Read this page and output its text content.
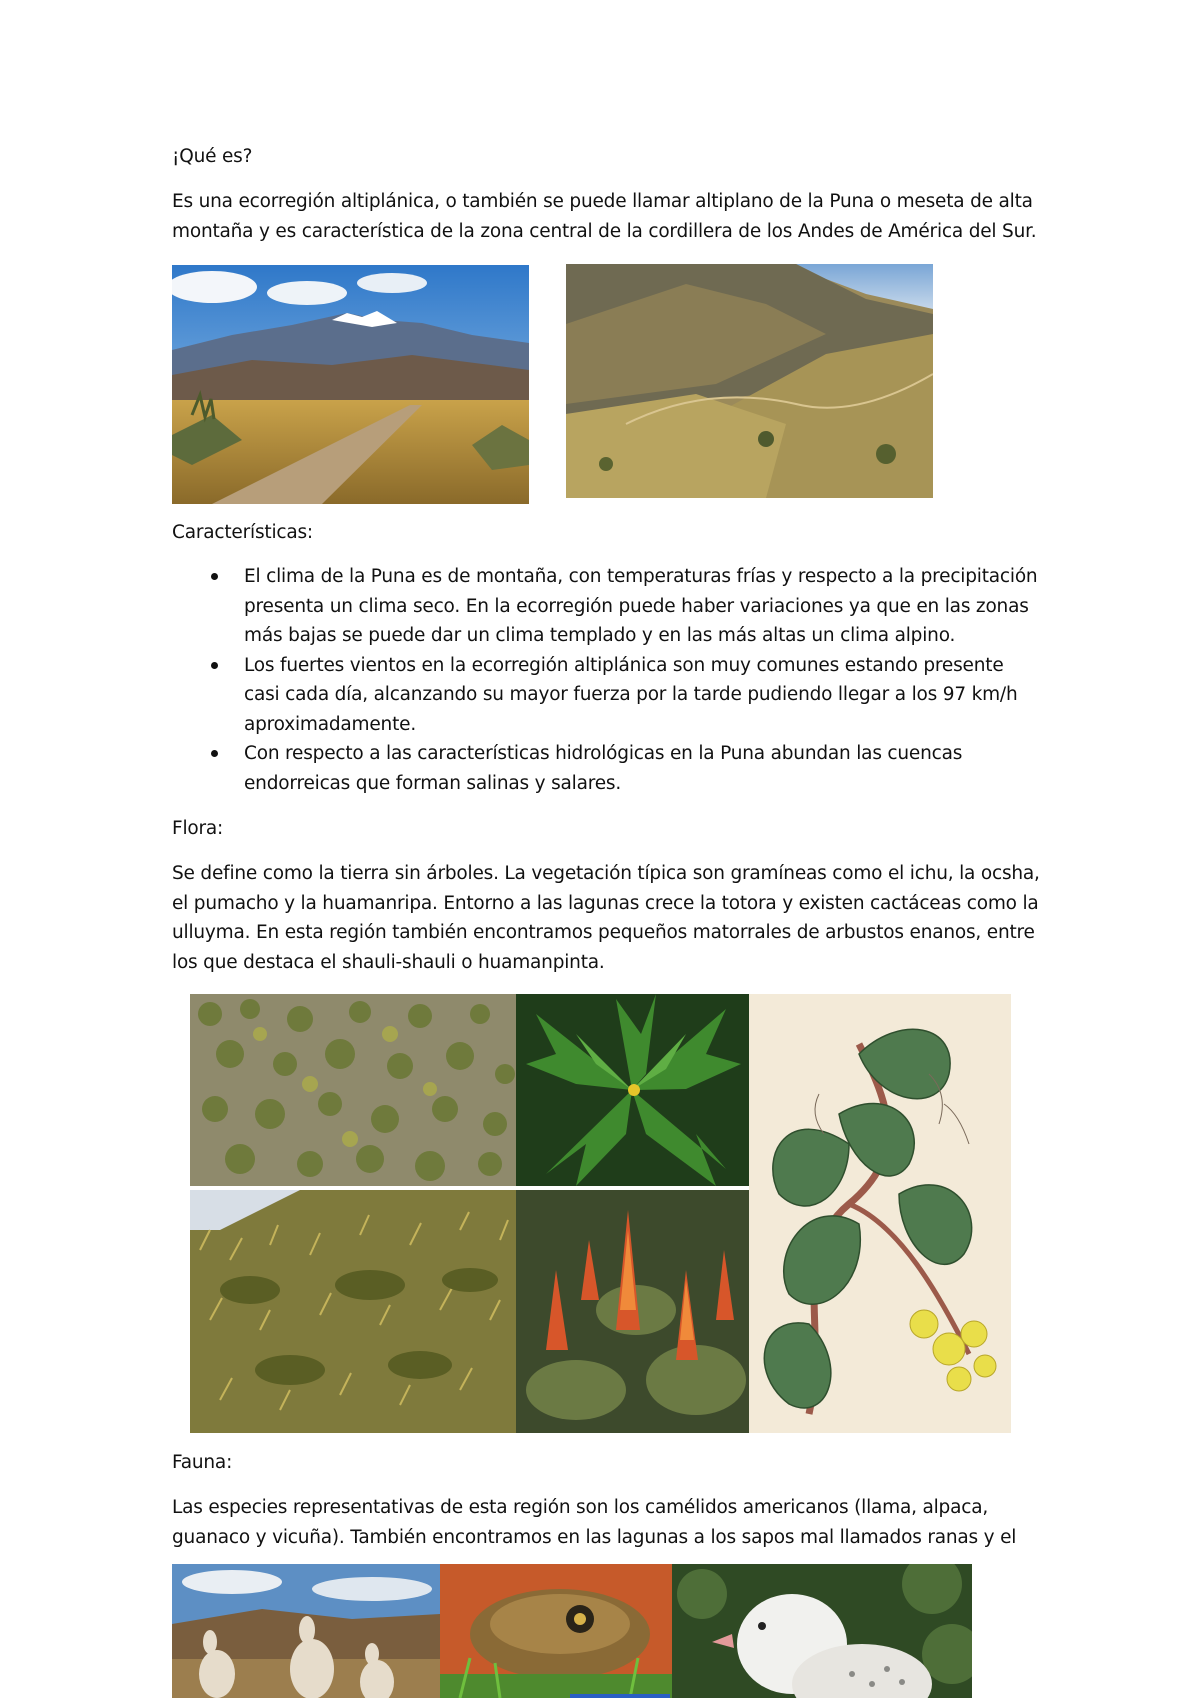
¡Qué es?
Es una ecorregión altiplánica, o también se puede llamar altiplano de la Puna o meseta de alta
montaña y es característica de la zona central de la cordillera de los Andes de América del Sur.
Características:
El clima de la Puna es de montaña, con temperaturas frías y respecto a la precipitación
presenta un clima seco. En la ecorregión puede haber variaciones ya que en las zonas
más bajas se puede dar un clima templado y en las más altas un clima alpino.
Los fuertes vientos en la ecorregión altiplánica son muy comunes estando presente
casi cada día, alcanzando su mayor fuerza por la tarde pudiendo llegar a los 97 km/h
aproximadamente.
Con respecto a las características hidrológicas en la Puna abundan las cuencas
endorreicas que forman salinas y salares.
Flora:
Se define como la tierra sin árboles. La vegetación típica son gramíneas como el ichu, la ocsha,
el pumacho y la huamanripa. Entorno a las lagunas crece la totora y existen cactáceas como la
ulluyma. En esta región también encontramos pequeños matorrales de arbustos enanos, entre
los que destaca el shauli-shauli o huamanpinta.
Fauna:
Las especies representativas de esta región son los camélidos americanos (llama, alpaca,
guanaco y vicuña). También encontramos en las lagunas a los sapos mal llamados ranas y el
